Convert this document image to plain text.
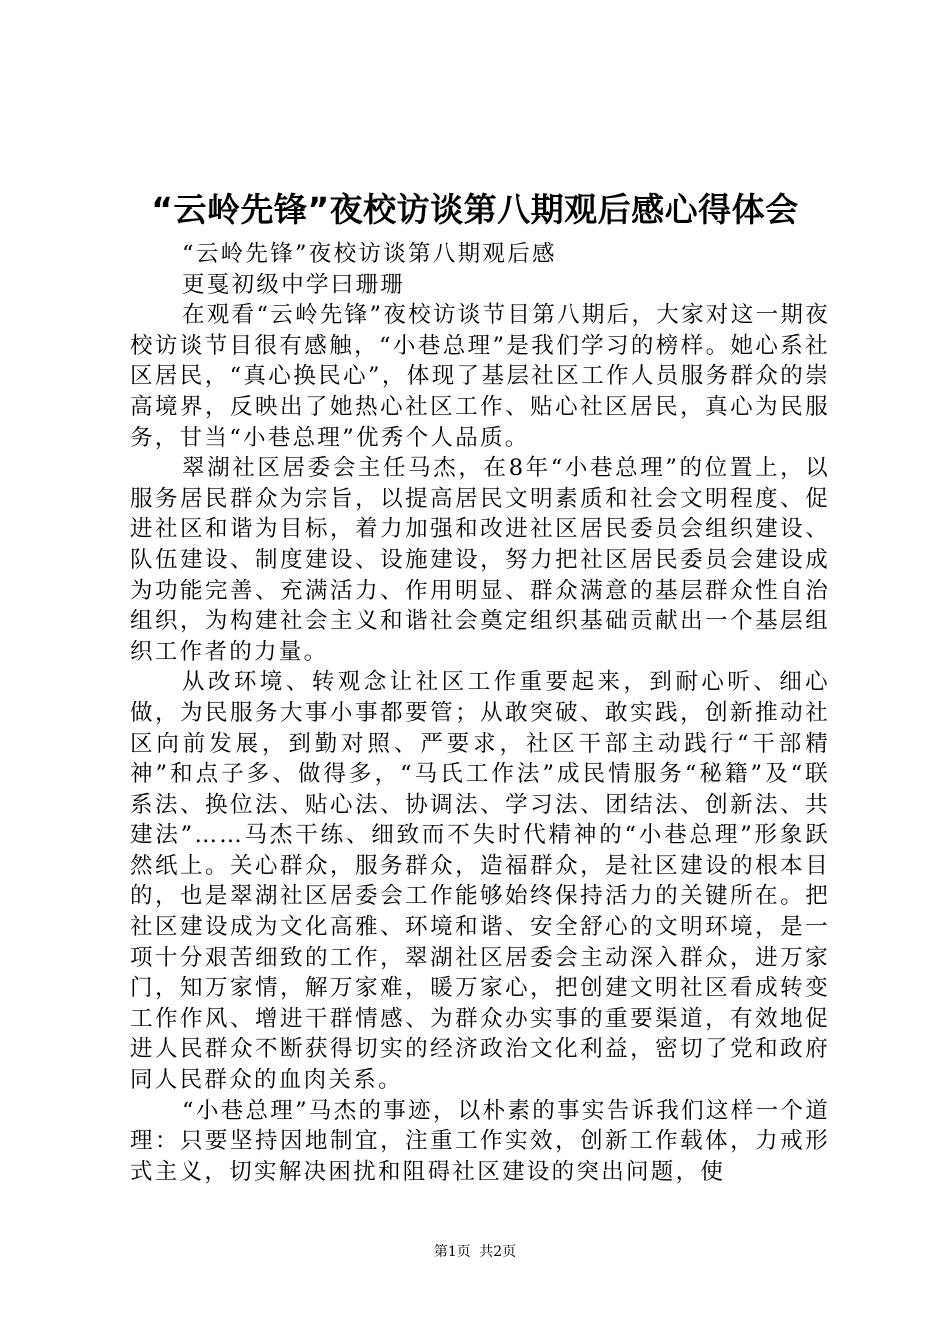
“云岭先锋”夜校访谈第八期观后感心得体会

“云岭先锋”夜校访谈第八期观后感

更戛初级中学曰珊珊

在观看“云岭先锋”夜校访谈节目第八期后，大家对这一期夜校访谈节目很有感触，“小巷总理”是我们学习的榜样。她心系社区居民，“真心换民心”，体现了基层社区工作人员服务群众的崇高境界，反映出了她热心社区工作、贴心社区居民，真心为民服务，甘当“小巷总理”优秀个人品质。

翠湖社区居委会主任马杰，在8年“小巷总理”的位置上，以服务居民群众为宗旨，以提高居民文明素质和社会文明程度、促进社区和谐为目标，着力加强和改进社区居民委员会组织建设、队伍建设、制度建设、设施建设，努力把社区居民委员会建设成为功能完善、充满活力、作用明显、群众满意的基层群众性自治组织，为构建社会主义和谐社会奠定组织基础贡献出一个基层组织工作者的力量。

从改环境、转观念让社区工作重要起来，到耐心听、细心做，为民服务大事小事都要管；从敢突破、敢实践，创新推动社区向前发展，到勤对照、严要求，社区干部主动践行“干部精神”和点子多、做得多，“马氏工作法”成民情服务“秘籍”及“联系法、换位法、贴心法、协调法、学习法、团结法、创新法、共建法”……马杰干练、细致而不失时代精神的“小巷总理”形象跃然纸上。关心群众，服务群众，造福群众，是社区建设的根本目的，也是翠湖社区居委会工作能够始终保持活力的关键所在。把社区建设成为文化高雅、环境和谐、安全舒心的文明环境，是一项十分艰苦细致的工作，翠湖社区居委会主动深入群众，进万家门，知万家情，解万家难，暖万家心，把创建文明社区看成转变工作作风、增进干群情感、为群众办实事的重要渠道，有效地促进人民群众不断获得切实的经济政治文化利益，密切了党和政府同人民群众的血肉关系。

“小巷总理”马杰的事迹，以朴素的事实告诉我们这样一个道理：只要坚持因地制宜，注重工作实效，创新工作载体，力戒形式主义，切实解决困扰和阻碍社区建设的突出问题，使

第1页 共2页
